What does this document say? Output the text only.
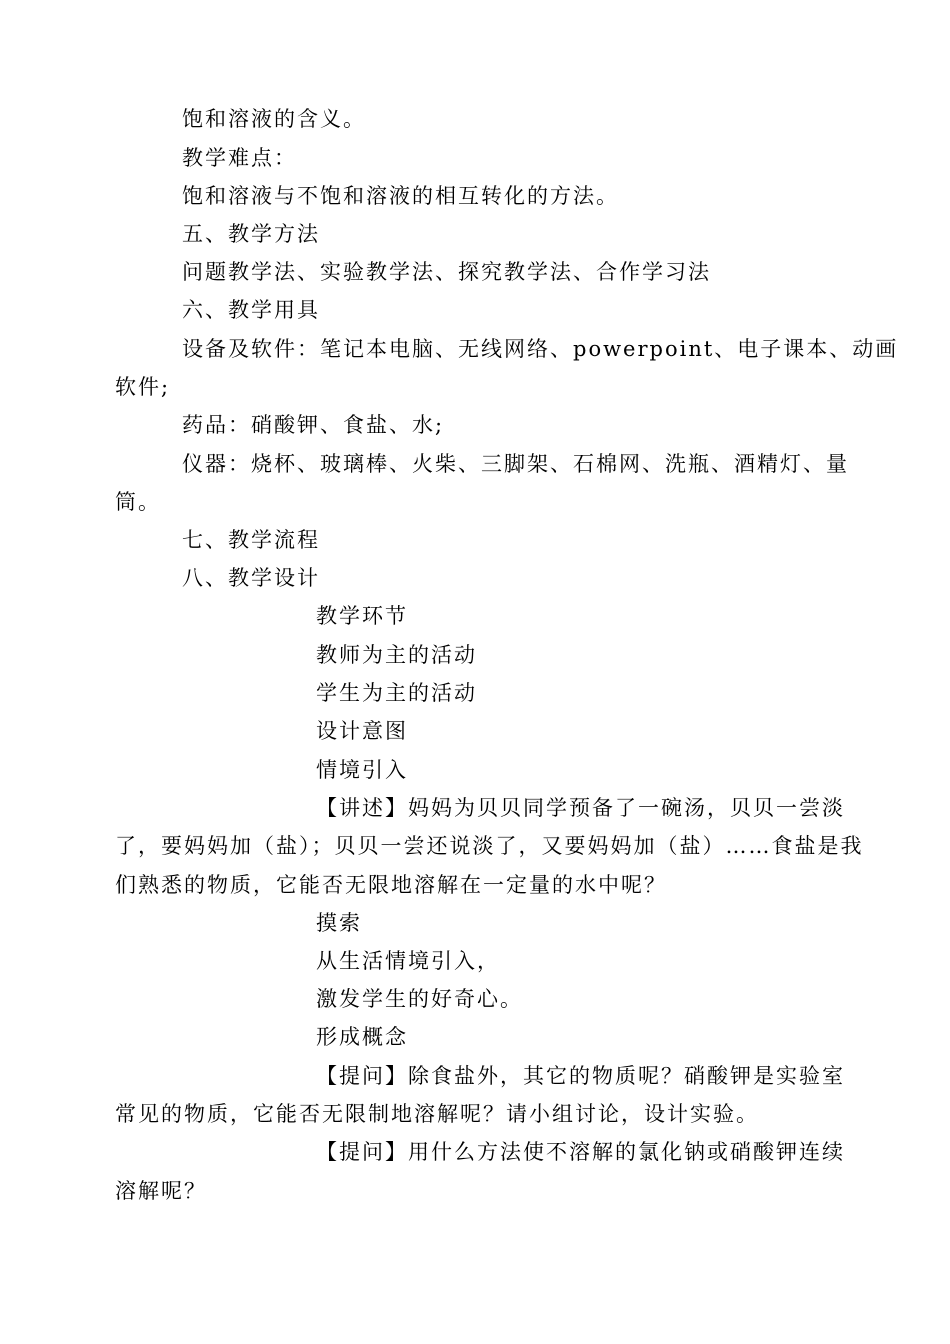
饱和溶液的含义。
教学难点：
饱和溶液与不饱和溶液的相互转化的方法。
五、教学方法
问题教学法、实验教学法、探究教学法、合作学习法
六、教学用具
设备及软件：笔记本电脑、无线网络、powerpoint、电子课本、动画
软件;
药品：硝酸钾、食盐、水;
仪器：烧杯、玻璃棒、火柴、三脚架、石棉网、洗瓶、酒精灯、量
筒。
七、教学流程
八、教学设计
教学环节
教师为主的活动
学生为主的活动
设计意图
情境引入
【讲述】妈妈为贝贝同学预备了一碗汤，贝贝一尝淡
了，要妈妈加（盐）；贝贝一尝还说淡了，又要妈妈加（盐）……食盐是我
们熟悉的物质，它能否无限地溶解在一定量的水中呢？
摸索
从生活情境引入，
激发学生的好奇心。
形成概念
【提问】除食盐外，其它的物质呢？硝酸钾是实验室
常见的物质，它能否无限制地溶解呢？请小组讨论，设计实验。
【提问】用什么方法使不溶解的氯化钠或硝酸钾连续
溶解呢？
